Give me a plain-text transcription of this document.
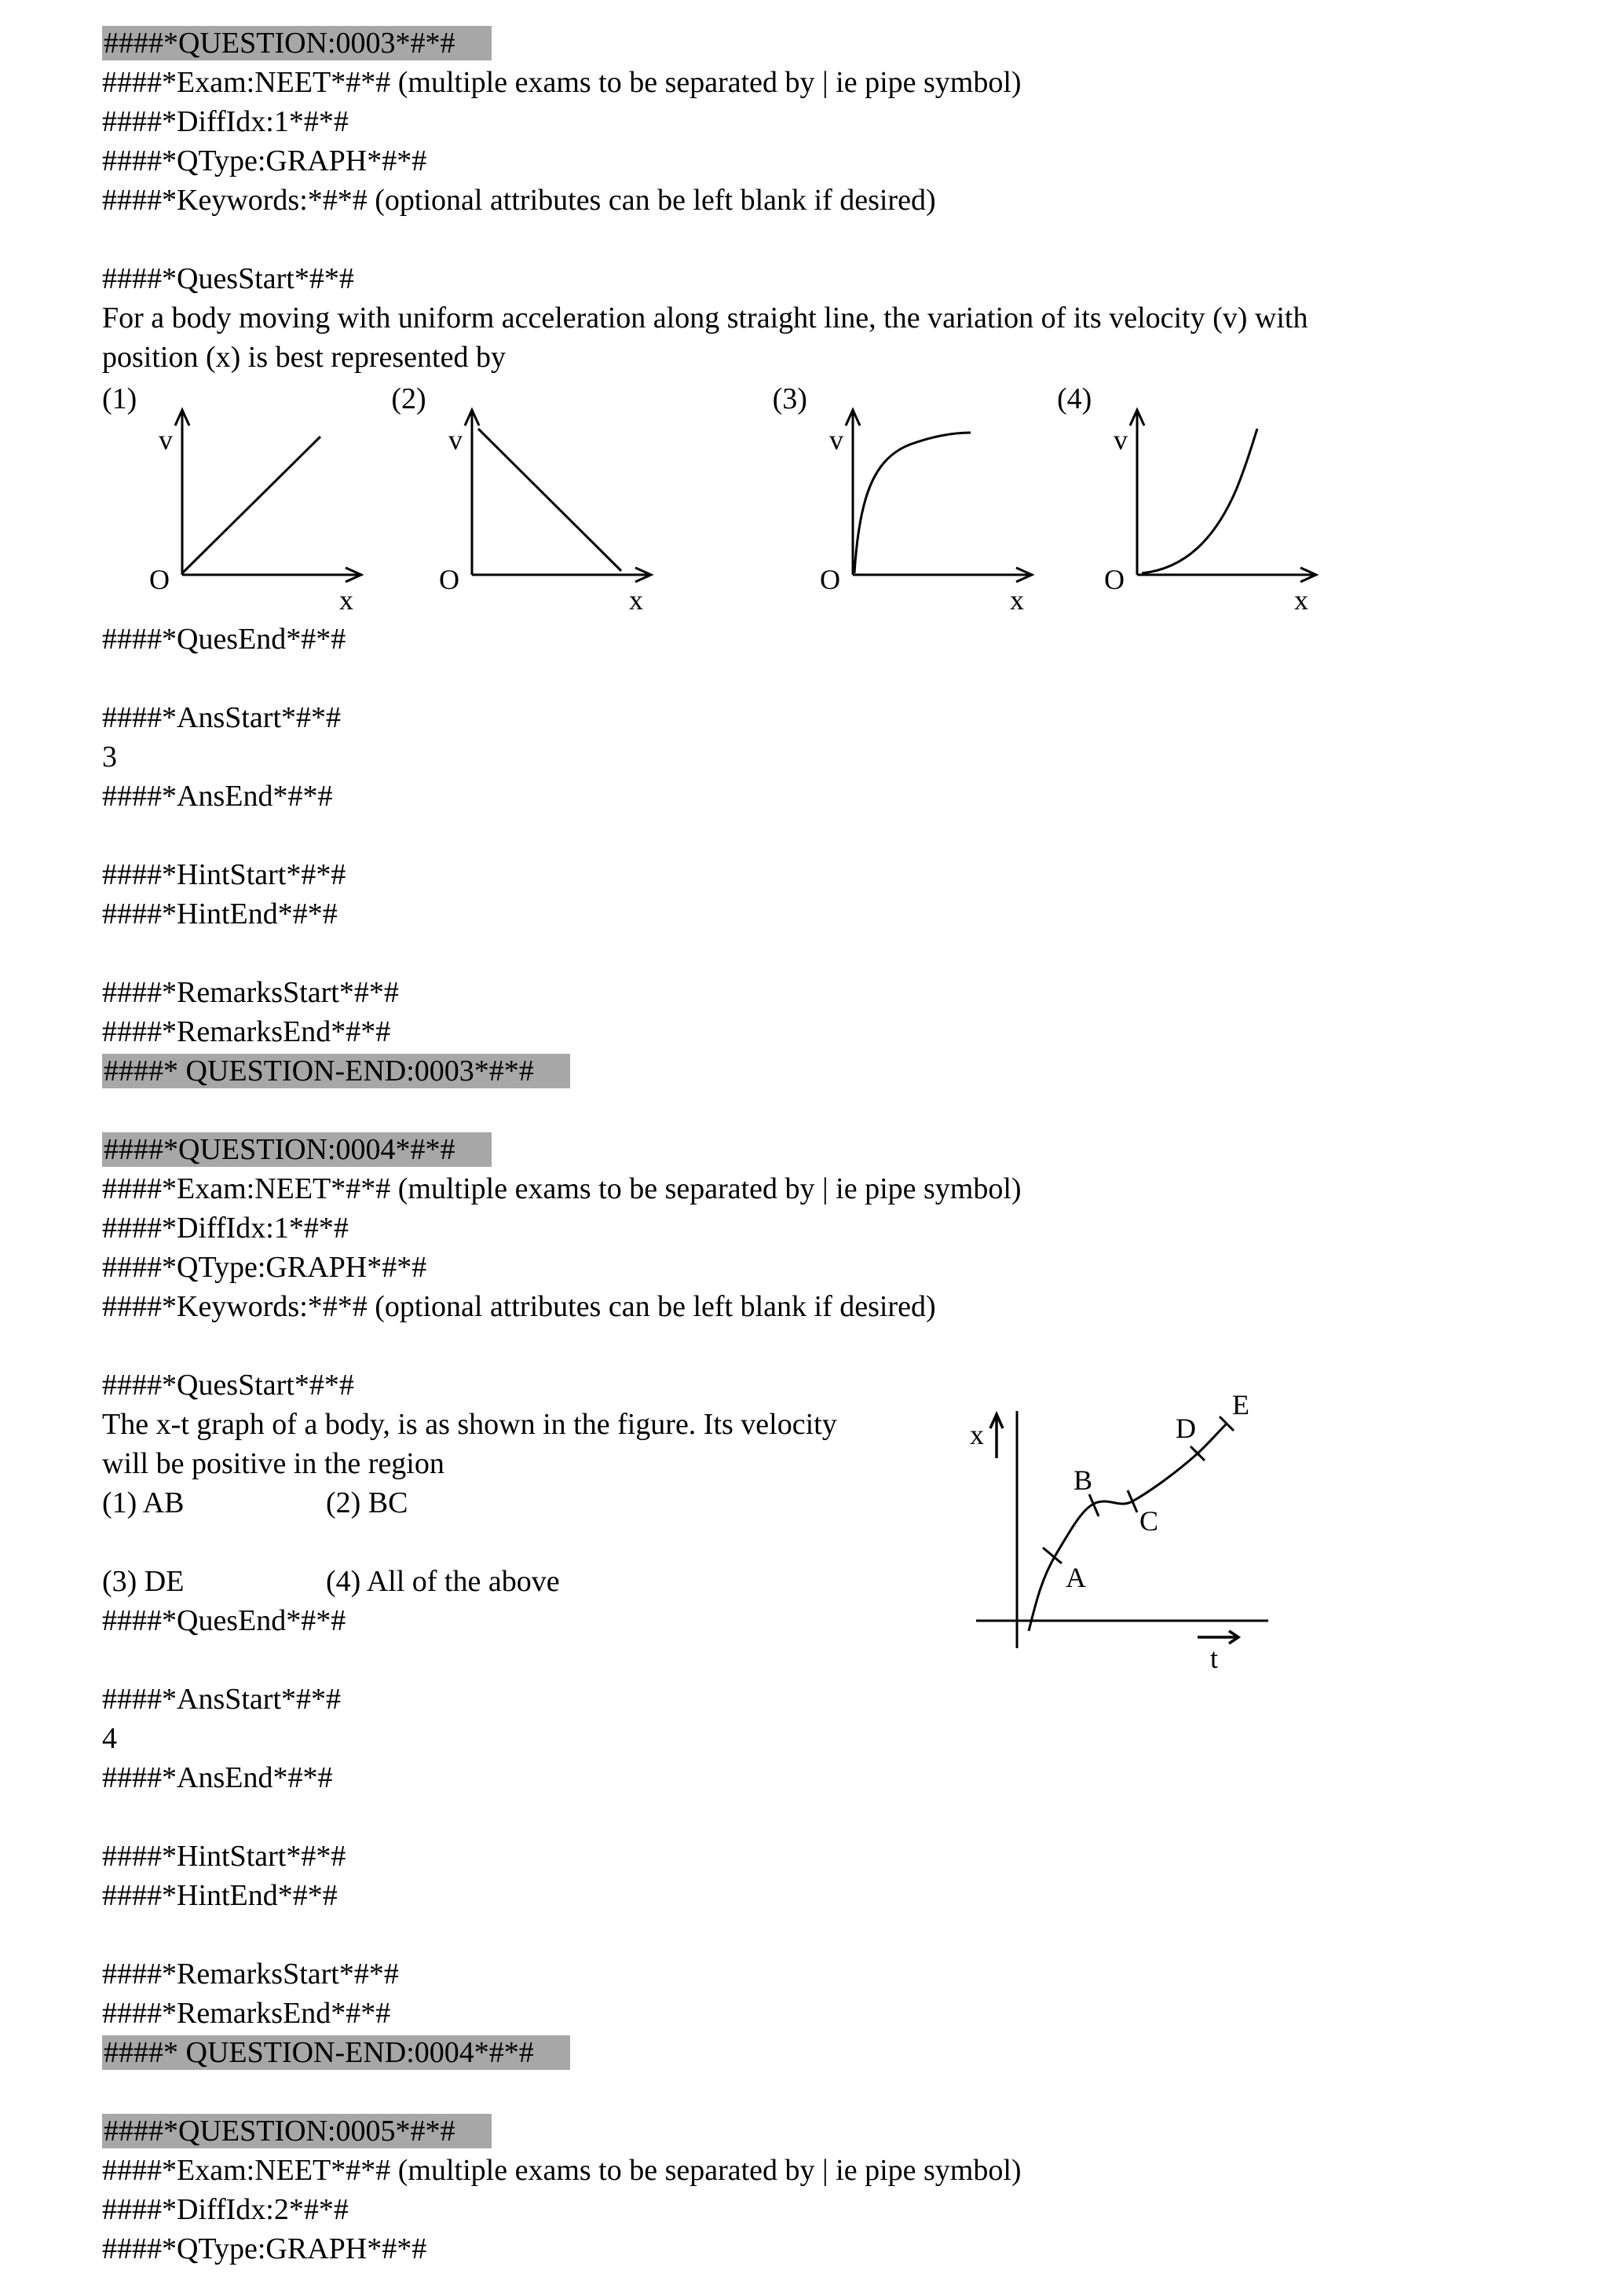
####*QUESTION:0003*#*#
####*Exam:NEET*#*# (multiple exams to be separated by | ie pipe symbol)
####*DiffIdx:1*#*#
####*QType:GRAPH*#*#
####*Keywords:*#*# (optional attributes can be left blank if desired)
####*QuesStart*#*#
For a body moving with uniform acceleration along straight line, the variation of its velocity (v) with
position (x) is best represented by
(1)
v
x
O
(2)
v
x
O
(3)
v
x
O
(4)
v
x
O
####*QuesEnd*#*#
####*AnsStart*#*#
3
####*AnsEnd*#*#
####*HintStart*#*#
####*HintEnd*#*#
####*RemarksStart*#*#
####*RemarksEnd*#*#
####* QUESTION-END:0003*#*#
####*QUESTION:0004*#*#
####*Exam:NEET*#*# (multiple exams to be separated by | ie pipe symbol)
####*DiffIdx:1*#*#
####*QType:GRAPH*#*#
####*Keywords:*#*# (optional attributes can be left blank if desired)
####*QuesStart*#*#
The x-t graph of a body, is as shown in the figure. Its velocity
will be positive in the region
(1) AB	(2) BC
(3) DE	(4) All of the above
x
A
B
C
D
E
t
####*QuesEnd*#*#
####*AnsStart*#*#
4
####*AnsEnd*#*#
####*HintStart*#*#
####*HintEnd*#*#
####*RemarksStart*#*#
####*RemarksEnd*#*#
####* QUESTION-END:0004*#*#
####*QUESTION:0005*#*#
####*Exam:NEET*#*# (multiple exams to be separated by | ie pipe symbol)
####*DiffIdx:2*#*#
####*QType:GRAPH*#*#
